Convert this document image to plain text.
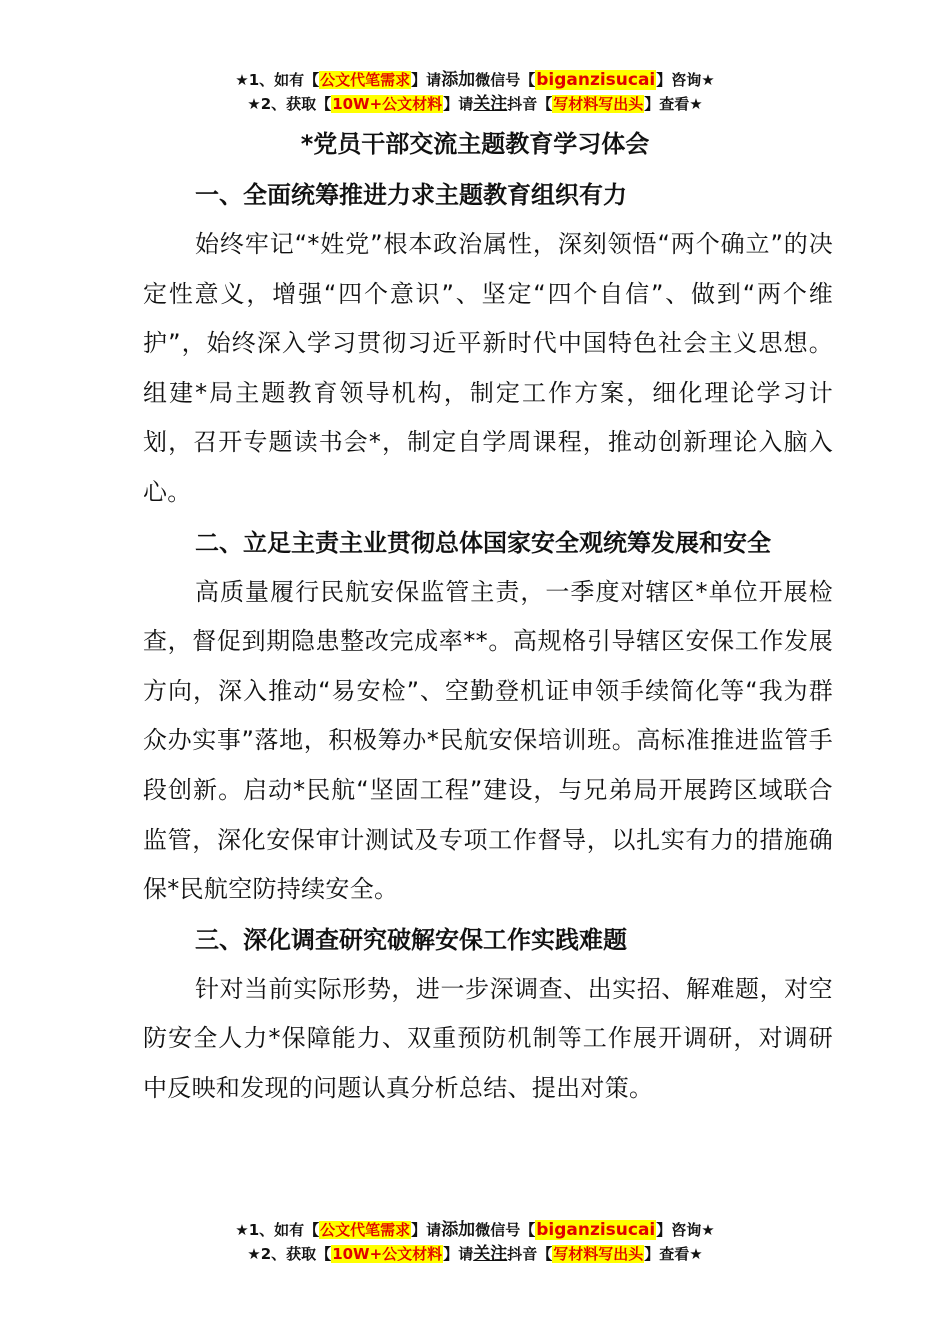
★1、如有【公文代笔需求】请添加微信号【biganzisucai】咨询★
★2、获取【10W+公文材料】请关注抖音【写材料写出头】查看★
*党员干部交流主题教育学习体会

一、全面统筹推进力求主题教育组织有力

始终牢记“*姓党”根本政治属性，深刻领悟“两个确立”的决定性意义，增强“四个意识”、坚定“四个自信”、做到“两个维护”，始终深入学习贯彻习近平新时代中国特色社会主义思想。组建*局主题教育领导机构，制定工作方案，细化理论学习计划，召开专题读书会*，制定自学周课程，推动创新理论入脑入心。

二、立足主责主业贯彻总体国家安全观统筹发展和安全

高质量履行民航安保监管主责，一季度对辖区*单位开展检查，督促到期隐患整改完成率**。高规格引导辖区安保工作发展方向，深入推动“易安检”、空勤登机证申领手续简化等“我为群众办实事”落地，积极筹办*民航安保培训班。高标准推进监管手段创新。启动*民航“坚固工程”建设，与兄弟局开展跨区域联合监管，深化安保审计测试及专项工作督导，以扎实有力的措施确保*民航空防持续安全。

三、深化调查研究破解安保工作实践难题

针对当前实际形势，进一步深调查、出实招、解难题，对空防安全人力*保障能力、双重预防机制等工作展开调研，对调研中反映和发现的问题认真分析总结、提出对策。

★1、如有【公文代笔需求】请添加微信号【biganzisucai】咨询★
★2、获取【10W+公文材料】请关注抖音【写材料写出头】查看★
